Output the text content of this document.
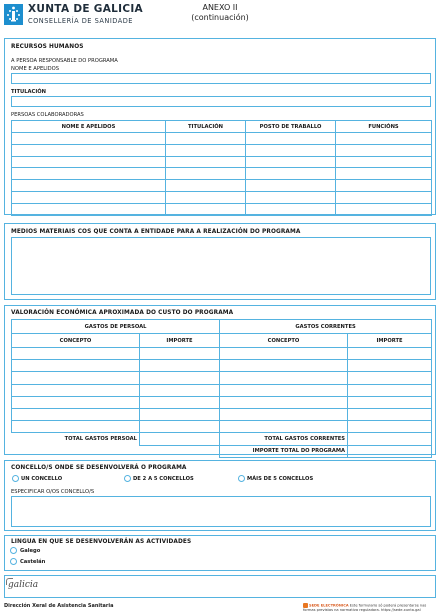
XUNTA DE GALICIA
CONSELLERÍA DE SANIDADE
ANEXO II
(continuación)
RECURSOS HUMANOS
A PERSOA RESPONSABLE DO PROGRAMA
NOME E APELIDOS
TITULACIÓN
PERSOAS COLABORADORAS
NOME E APELIDOS	TITULACIÓN	POSTO DE TRABALLO	FUNCIÓNS

MEDIOS MATERIAIS COS QUE CONTA A ENTIDADE PARA A REALIZACIÓN DO PROGRAMA
VALORACIÓN ECONÓMICA APROXIMADA DO CUSTO DO PROGRAMA
GASTOS DE PERSOAL		GASTOS CORRENTES	
CONCEPTO	IMPORTE	CONCEPTO	IMPORTE

TOTAL GASTOS PERSOAL		TOTAL GASTOS CORRENTES	
		IMPORTE TOTAL DO PROGRAMA	
CONCELLO/S ONDE SE DESENVOLVERÁ O PROGRAMA
UN CONCELLO	DE 2 A 5 CONCELLOS	MÁIS DE 5 CONCELLOS
ESPECIFICAR O/OS CONCELLO/S
LINGUA EN QUE SE DESENVOLVERÁN AS ACTIVIDADES
Galego
Castelán
galicia
Dirección Xeral de Asistencia Sanitaria	SEDE ELECTRÓNICA Este formulario só poderá presentarse nas formas previstas na normativa reguladora. https://sede.xunta.gal
